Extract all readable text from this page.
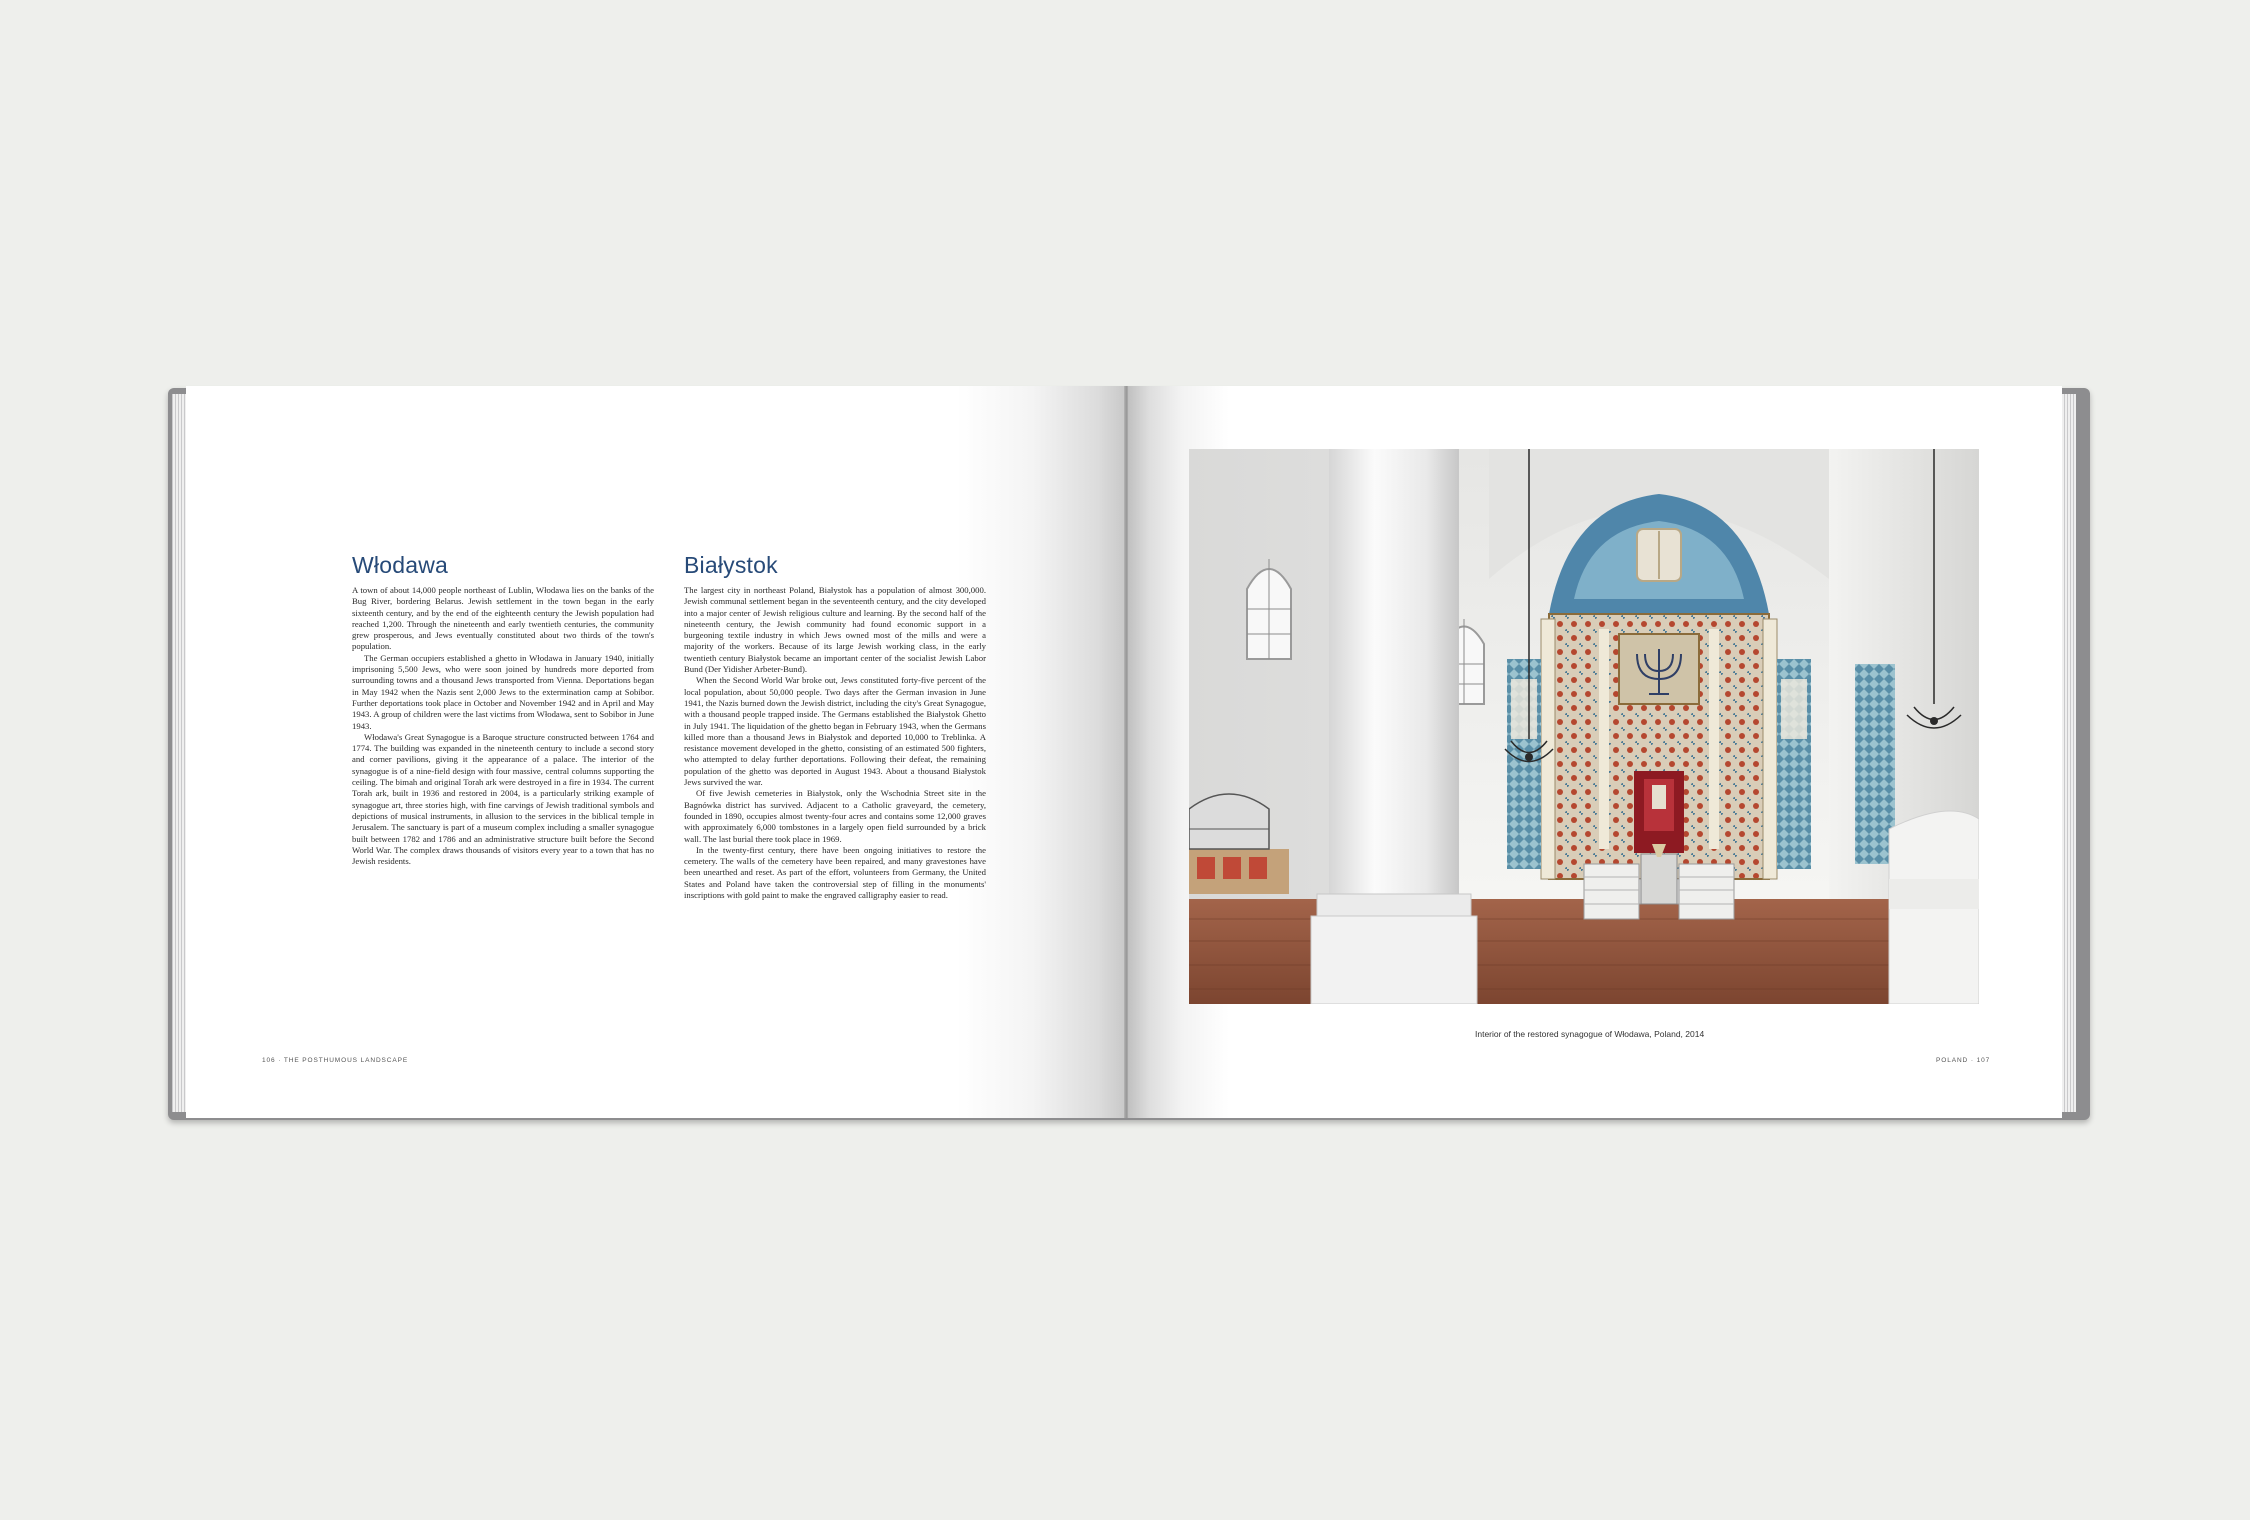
Włodawa

A town of about 14,000 people northeast of Lublin, Włodawa lies on the banks of the Bug River, bordering Belarus. Jewish settlement in the town began in the early sixteenth century, and by the end of the eighteenth century the Jewish population had reached 1,200. Through the nineteenth and early twentieth centuries, the community grew prosperous, and Jews eventually constituted about two thirds of the town's population.

The German occupiers established a ghetto in Włodawa in January 1940, initially imprisoning 5,500 Jews, who were soon joined by hundreds more deported from surrounding towns and a thousand Jews transported from Vienna. Deportations began in May 1942 when the Nazis sent 2,000 Jews to the extermination camp at Sobibor. Further deportations took place in October and November 1942 and in April and May 1943. A group of children were the last victims from Włodawa, sent to Sobibor in June 1943.

Włodawa's Great Synagogue is a Baroque structure constructed between 1764 and 1774. The building was expanded in the nineteenth century to include a second story and corner pavilions, giving it the appearance of a palace. The interior of the synagogue is of a nine-field design with four massive, central columns supporting the ceiling. The bimah and original Torah ark were destroyed in a fire in 1934. The current Torah ark, built in 1936 and restored in 2004, is a particularly striking example of synagogue art, three stories high, with fine carvings of Jewish traditional symbols and depictions of musical instruments, in allusion to the services in the biblical temple in Jerusalem. The sanctuary is part of a museum complex including a smaller synagogue built between 1782 and 1786 and an administrative structure built before the Second World War. The complex draws thousands of visitors every year to a town that has no Jewish residents.

Białystok

The largest city in northeast Poland, Białystok has a population of almost 300,000. Jewish communal settlement began in the seventeenth century, and the city developed into a major center of Jewish religious culture and learning. By the second half of the nineteenth century, the Jewish community had found economic support in a burgeoning textile industry in which Jews owned most of the mills and were a majority of the workers. Because of its large Jewish working class, in the early twentieth century Białystok became an important center of the socialist Jewish Labor Bund (Der Yidisher Arbeter-Bund).

When the Second World War broke out, Jews constituted forty-five percent of the local population, about 50,000 people. Two days after the German invasion in June 1941, the Nazis burned down the Jewish district, including the city's Great Synagogue, with a thousand people trapped inside. The Germans established the Białystok Ghetto in July 1941. The liquidation of the ghetto began in February 1943, when the Germans killed more than a thousand Jews in Białystok and deported 10,000 to Treblinka. A resistance movement developed in the ghetto, consisting of an estimated 500 fighters, who attempted to delay further deportations. Following their defeat, the remaining population of the ghetto was deported in August 1943. About a thousand Białystok Jews survived the war.

Of five Jewish cemeteries in Białystok, only the Wschodnia Street site in the Bagnówka district has survived. Adjacent to a Catholic graveyard, the cemetery, founded in 1890, occupies almost twenty-four acres and contains some 12,000 graves with approximately 6,000 tombstones in a largely open field surrounded by a brick wall. The last burial there took place in 1969.

In the twenty-first century, there have been ongoing initiatives to restore the cemetery. The walls of the cemetery have been repaired, and many gravestones have been unearthed and reset. As part of the effort, volunteers from Germany, the United States and Poland have taken the controversial step of filling in the monuments' inscriptions with gold paint to make the engraved calligraphy easier to read.

106 · THE POSTHUMOUS LANDSCAPE
Interior of the restored synagogue of Włodawa, Poland, 2014
POLAND · 107
